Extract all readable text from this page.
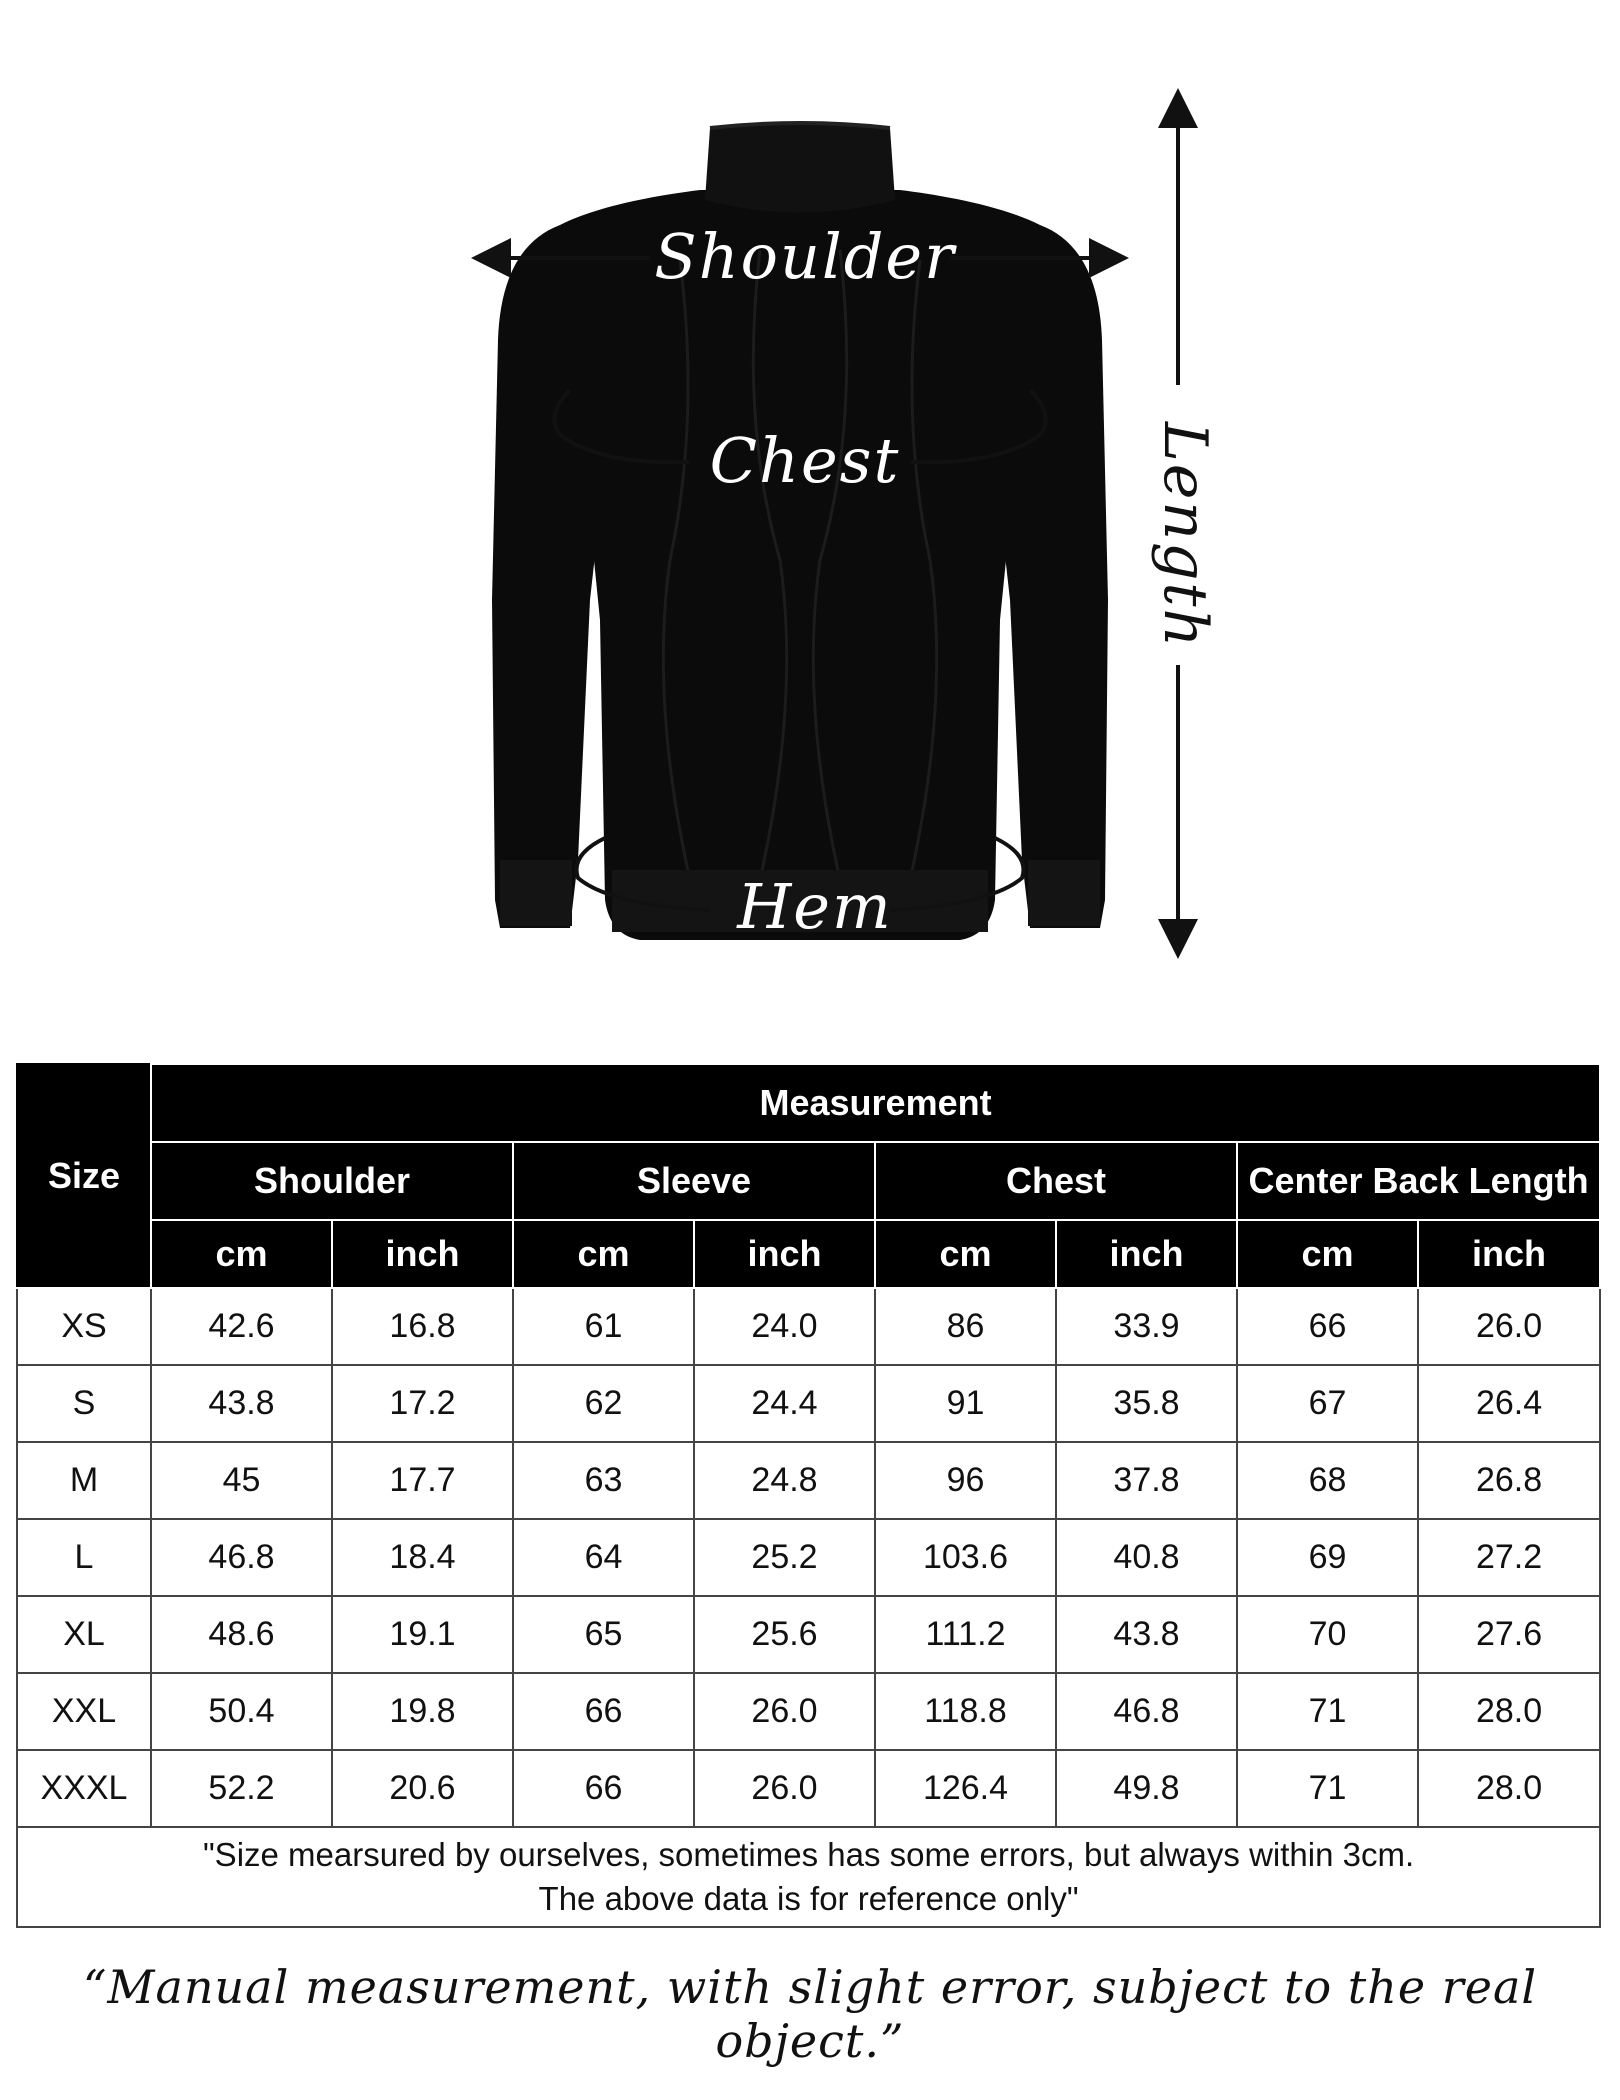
Shoulder
Chest
Hem
Length
Size	Measurement							
	Shoulder		Sleeve		Chest		Center Back Length	
	cm	inch	cm	inch	cm	inch	cm	inch
XS	42.6	16.8	61	24.0	86	33.9	66	26.0
S	43.8	17.2	62	24.4	91	35.8	67	26.4
M	45	17.7	63	24.8	96	37.8	68	26.8
L	46.8	18.4	64	25.2	103.6	40.8	69	27.2
XL	48.6	19.1	65	25.6	111.2	43.8	70	27.6
XXL	50.4	19.8	66	26.0	118.8	46.8	71	28.0
XXXL	52.2	20.6	66	26.0	126.4	49.8	71	28.0

"Size mearsured by ourselves, sometimes has some errors, but always within 3cm.
The above data is for reference only"								
“Manual measurement, with slight error, subject to the real object.”
